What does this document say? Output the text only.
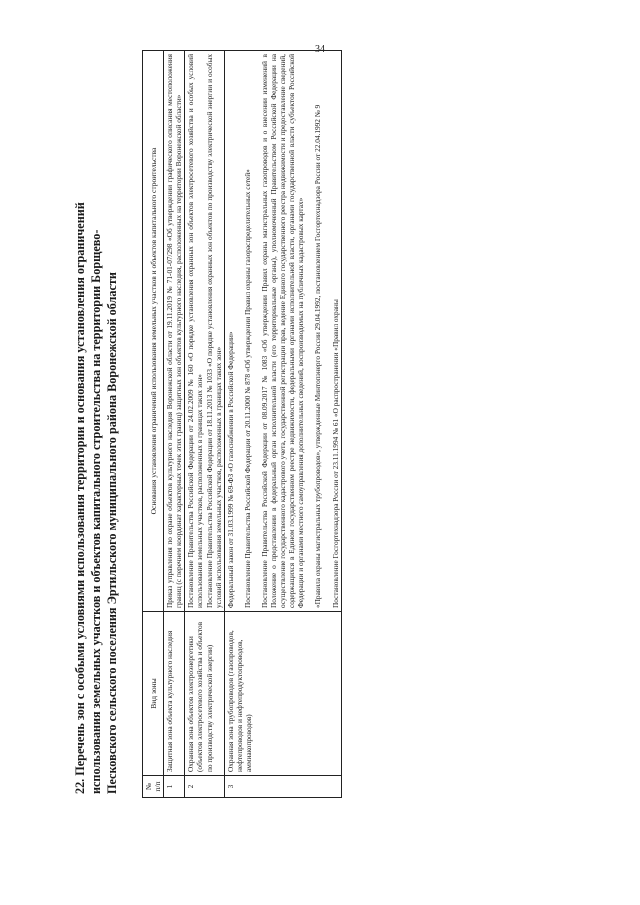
34
22. Перечень зон с особыми условиями использования территории и основания установления ограничений использования земельных участков и объектов капитального строительства на территории Борщево- Песковского сельского поселения Эртильского муниципального района Воронежской области	№ п/п	Вид зоны	Основания установления ограничений использования земельных участков и объектов капитального строительства
1	Защитная зона объекта культурного наследия	Приказ управления по охране объектов культурного наследия Воронежской области от 19.11.2019 № 71-01-07/298 «Об утверждении графического описания местоположения границ (с перечнем координат характерных точек этих границ) защитных зон объектов культурного наследия, расположенных на территории Воронежской области»

2	Охранная зона объектов электроэнергетики (объектов электросетевого хозяйства и объектов по производству электрической энергии)	Постановление Правительства Российской Федерации от 24.02.2009 № 160 «О порядке установления охранных зон объектов электросетевого хозяйства и особых условий использования земельных участков, расположенных в границах таких зон» Постановление Правительства Российской Федерации от 18.11.2013 № 1033 «О порядке установления охранных зон объектов по производству электрической энергии и особых условий использования земельных участков, расположенных в границах таких зон»

3	Охранная зона трубопроводов (газопроводов, нефтепроводов и нефтепродуктопроводов, аммиакопроводов)	Федеральный закон от 31.03.1999 № 69-ФЗ «О газоснабжении в Российской Федерации» Постановление Правительства Российской Федерации от 20.11.2000 № 878 «Об утверждении Правил охраны газораспределительных сетей» Постановление Правительства Российской Федерации от 08.09.2017 № 1083 «Об утверждении Правил охраны магистральных газопроводов и о внесении изменений в Положение о представлении в федеральный орган исполнительной власти (его территориальные органы), уполномоченный Правительством Российской Федерации на осуществление государственного кадастрового учета, государственной регистрации прав, ведение Единого государственного реестра недвижимости и предоставление сведений, содержащихся в Едином государственном реестре недвижимости, федеральными органами исполнительной власти, органами государственной власти субъектов Российской Федерации и органами местного самоуправления дополнительных сведений, воспроизводимых на публичных кадастровых картах» «Правила охраны магистральных трубопроводов», утвержденные Минтопэнерго России 29.04.1992, постановлением Госгортехнадзора России от 22.04.1992 № 9 Постановление Госгортехнадзора России от 23.11.1994 № 61 «О распространении «Правил охраны
